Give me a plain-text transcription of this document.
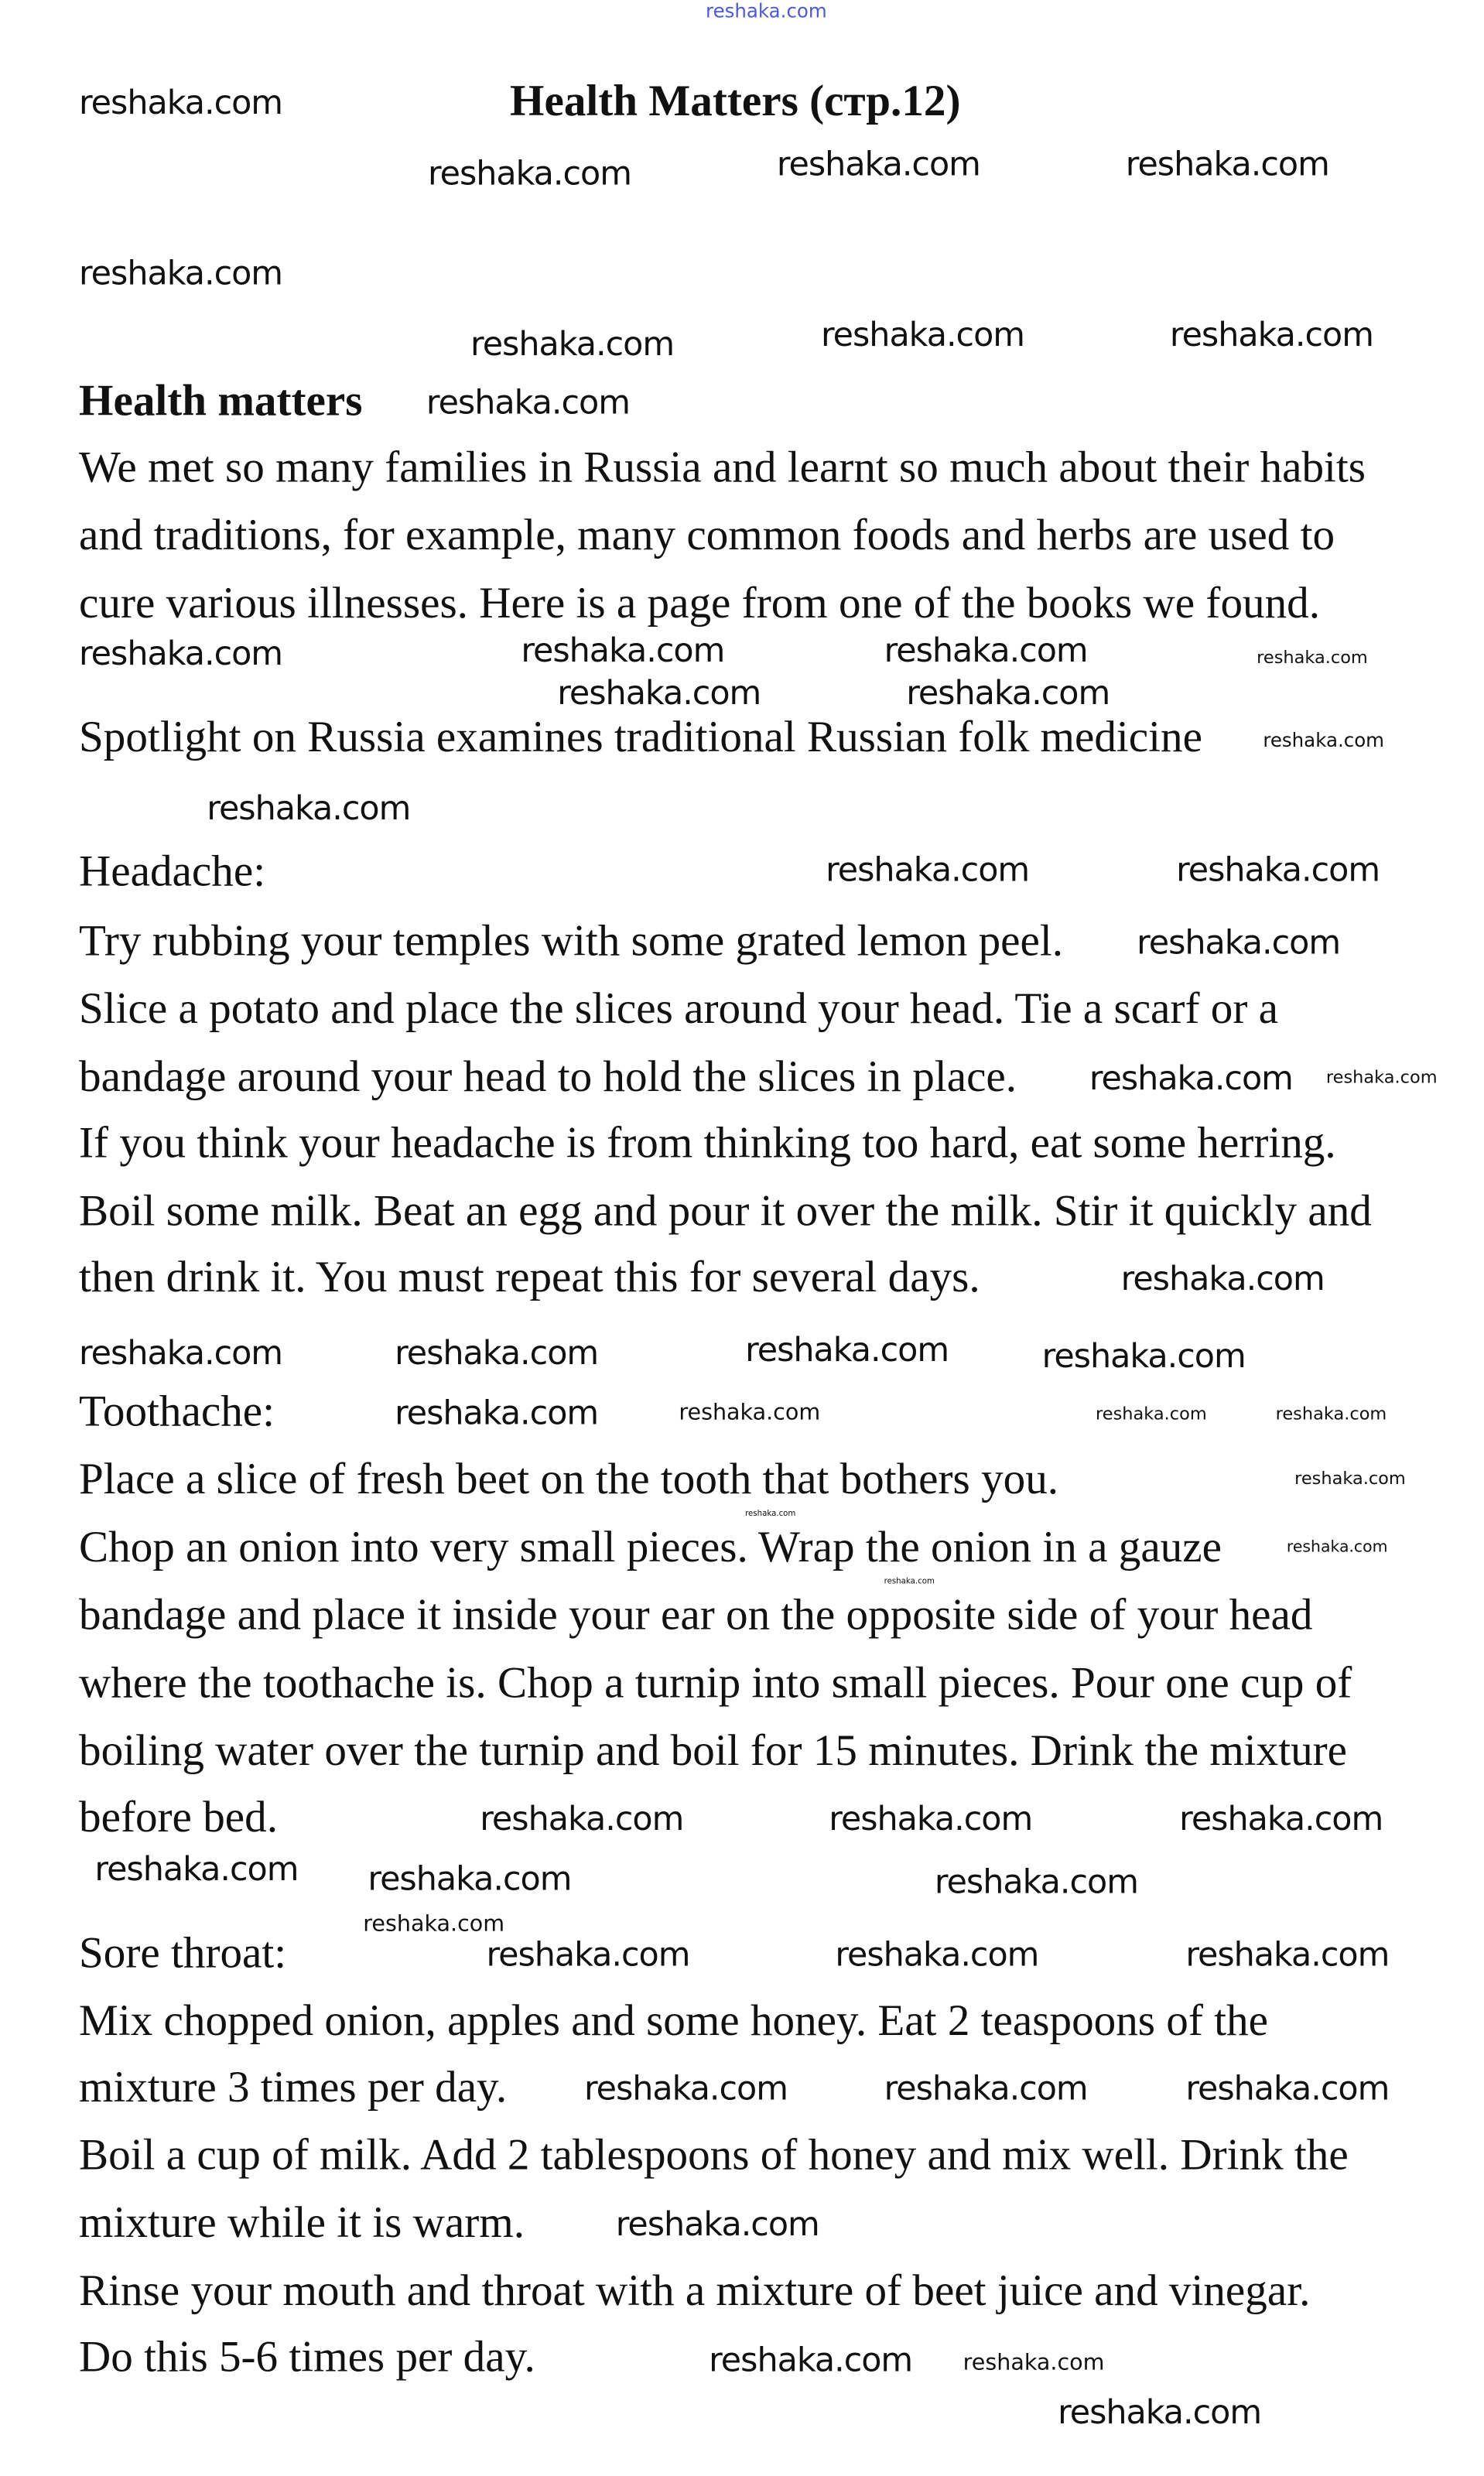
reshaka.com
Health Matters (стр.12)
Health matters
We met so many families in Russia and learnt so much about their habits
and traditions, for example, many common foods and herbs are used to
cure various illnesses. Here is a page from one of the books we found.
Spotlight on Russia examines traditional Russian folk medicine
Headache:
Try rubbing your temples with some grated lemon peel.
Slice a potato and place the slices around your head. Tie a scarf or a
bandage around your head to hold the slices in place.
If you think your headache is from thinking too hard, eat some herring.
Boil some milk. Beat an egg and pour it over the milk. Stir it quickly and
then drink it. You must repeat this for several days.
Toothache:
Place a slice of fresh beet on the tooth that bothers you.
Chop an onion into very small pieces. Wrap the onion in a gauze
bandage and place it inside your ear on the opposite side of your head
where the toothache is. Chop a turnip into small pieces. Pour one cup of
boiling water over the turnip and boil for 15 minutes. Drink the mixture
before bed.
Sore throat:
Mix chopped onion, apples and some honey. Eat 2 teaspoons of the
mixture 3 times per day.
Boil a cup of milk. Add 2 tablespoons of honey and mix well. Drink the
mixture while it is warm.
Rinse your mouth and throat with a mixture of beet juice and vinegar.
Do this 5-6 times per day.
reshaka.com
reshaka.com	reshaka.com	reshaka.com
reshaka.com
reshaka.com	reshaka.com	reshaka.com
reshaka.com
reshaka.com	reshaka.com
reshaka.com
reshaka.com	reshaka.com
reshaka.com	reshaka.com
reshaka.com
reshaka.com	reshaka.com
reshaka.com
reshaka.com
reshaka.com
reshaka.com
reshaka.com
reshaka.com
reshaka.com
reshaka.com
reshaka.com	reshaka.com
reshaka.com
reshaka.com
reshaka.com
reshaka.com
reshaka.com
reshaka.com
reshaka.com
reshaka.com
reshaka.com
reshaka.com	reshaka.com
reshaka.com
reshaka.com
reshaka.com	reshaka.com
reshaka.com
reshaka.com	reshaka.com	reshaka.com
reshaka.com
reshaka.com
reshaka.com
reshaka.com
